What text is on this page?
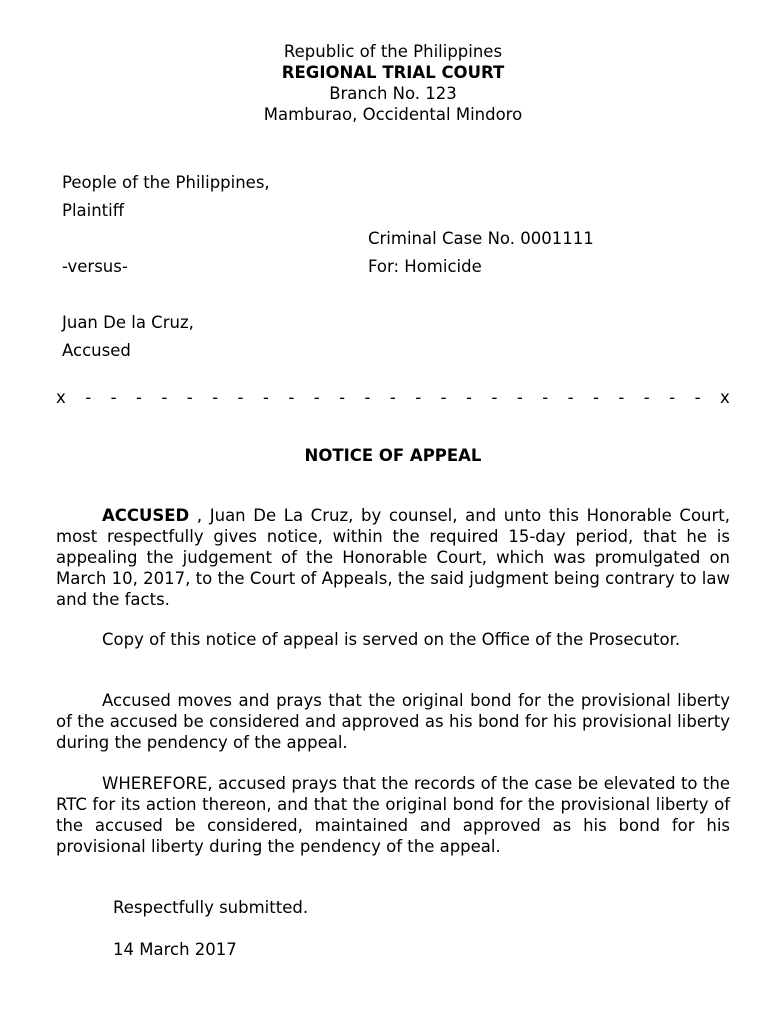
Republic of the Philippines
REGIONAL TRIAL COURT
Branch No. 123
Mamburao, Occidental Mindoro
People of the Philippines,
Plaintiff
Criminal Case No. 0001111
-versus-	For: Homicide
Juan De la Cruz,
Accused
x - - - - - - - - - - - - - - - - - - - - - - - - - x
NOTICE OF APPEAL

ACCUSED , Juan De La Cruz, by counsel, and unto this Honorable Court, most respectfully gives notice, within the required 15-day period, that he is appealing the judgement of the Honorable Court, which was promulgated on March 10, 2017, to the Court of Appeals, the said judgment being contrary to law and the facts.

Copy of this notice of appeal is served on the Office of the Prosecutor.

Accused moves and prays that the original bond for the provisional liberty of the accused be considered and approved as his bond for his provisional liberty during the pendency of the appeal.

WHEREFORE, accused prays that the records of the case be elevated to the RTC for its action thereon, and that the original bond for the provisional liberty of the accused be considered, maintained and approved as his bond for his provisional liberty during the pendency of the appeal.

Respectfully submitted.
14 March 2017
